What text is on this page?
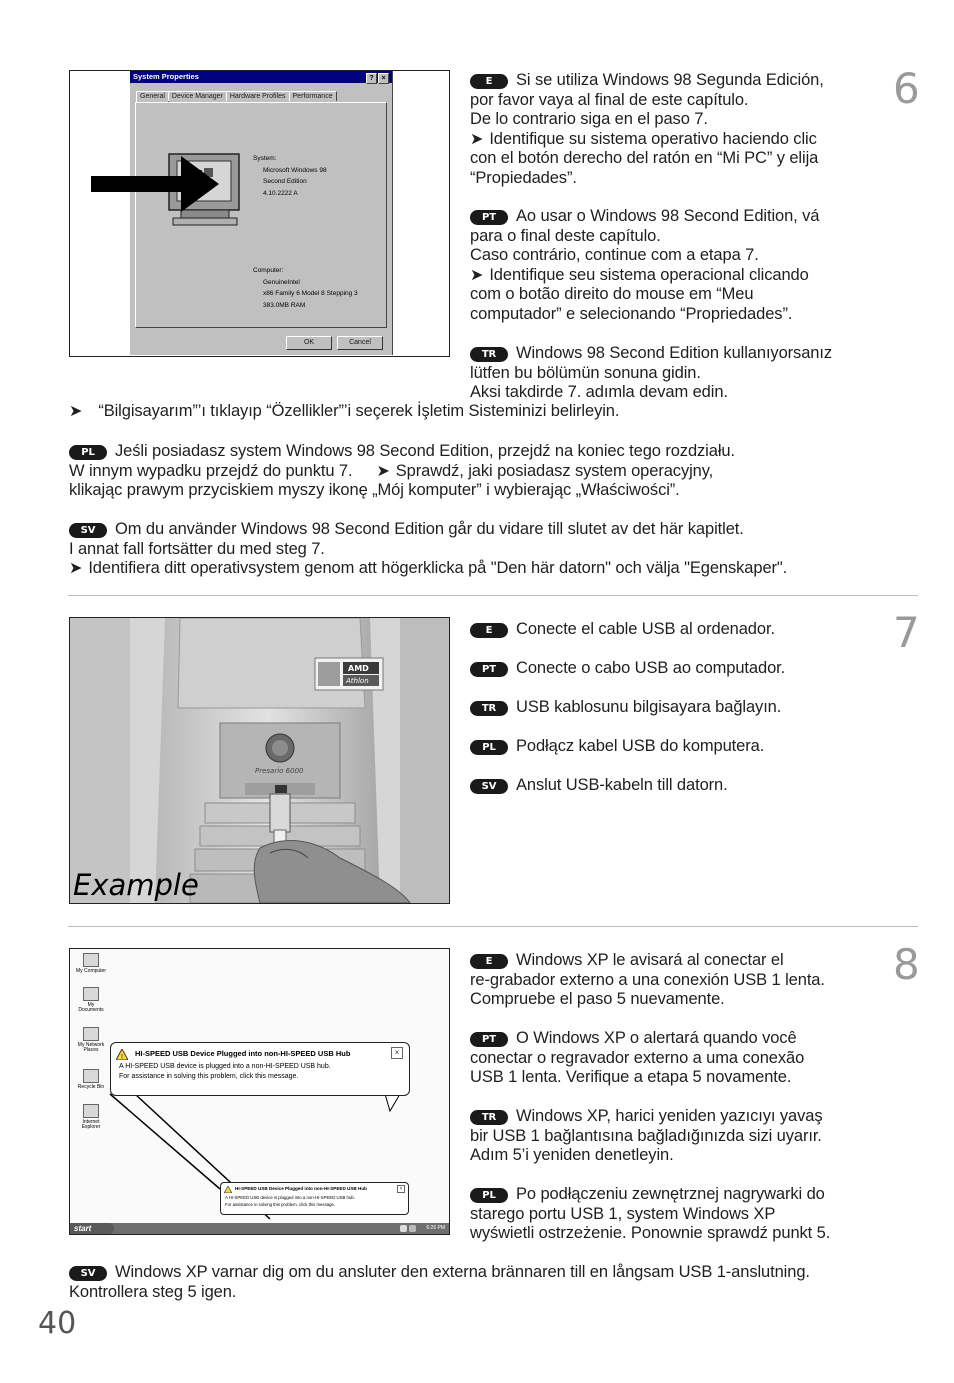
6
System Properties	? ×
General Device Manager Hardware Profiles Performance
System:
Microsoft Windows 98
Second Edition
4.10.2222 A
Computer:
GenuineIntel
x86 Family 6 Model 8 Stepping 3
383.0MB RAM
OK	Cancel
E Si se utiliza Windows 98 Segunda Edición,
por favor vaya al final de este capítulo.
De lo contrario siga en el paso 7.
➤ Identifique su sistema operativo haciendo clic
con el botón derecho del ratón en “Mi PC” y elija
“Propiedades”.
PT Ao usar o Windows 98 Second Edition, vá
para o final deste capítulo.
Caso contrário, continue com a etapa 7.
➤ Identifique seu sistema operacional clicando
com o botão direito do mouse em “Meu
computador” e selecionando “Propriedades”.
TR Windows 98 Second Edition kullanıyorsanız
lütfen bu bölümün sonuna gidin.
Aksi takdirde 7. adımla devam edin.
➤ “Bilgisayarım”’ı tıklayıp “Özellikler”’i seçerek İşletim Sisteminizi belirleyin.
PL Jeśli posiadasz system Windows 98 Second Edition, przejdź na koniec tego rozdziału.
W innym wypadku przejdź do punktu 7. ➤ Sprawdź, jaki posiadasz system operacyjny,
klikając prawym przyciskiem myszy ikonę „Mój komputer” i wybierając „Właściwości”.
SV Om du använder Windows 98 Second Edition går du vidare till slutet av det här kapitlet.
I annat fall fortsätter du med steg 7.
➤ Identifiera ditt operativsystem genom att högerklicka på "Den här datorn" och välja "Egenskaper".
7
AMD
Athlon
Presario 6000
Example
E Conecte el cable USB al ordenador.
PT Conecte o cabo USB ao computador.
TR USB kablosunu bilgisayara bağlayın.
PL Podłącz kabel USB do komputera.
SV Anslut USB-kabeln till datorn.
8
My Computer
My Documents
My Network Places
Recycle Bin
Internet Explorer
! HI-SPEED USB Device Plugged into non-HI-SPEED USB Hub	×
A HI-SPEED USB device is plugged into a non-HI-SPEED USB hub.
For assistance in solving this problem, click this message.
HI-SPEED USB Device Plugged into non-HI-SPEED USB Hub	×
A HI-SPEED USB device is plugged into a non-HI-SPEED USB hub.
For assistance in solving this problem, click this message.
start	6:26 PM
E Windows XP le avisará al conectar el
re-grabador externo a una conexión USB 1 lenta.
Compruebe el paso 5 nuevamente.
PT O Windows XP o alertará quando você
conectar o regravador externo a uma conexão
USB 1 lenta. Verifique a etapa 5 novamente.
TR Windows XP, harici yeniden yazıcıyı yavaş
bir USB 1 bağlantısına bağladığınızda sizi uyarır.
Adım 5’i yeniden denetleyin.
PL Po podłączeniu zewnętrznej nagrywarki do
starego portu USB 1, system Windows XP
wyświetli ostrzeżenie. Ponownie sprawdź punkt 5.
SV Windows XP varnar dig om du ansluter den externa brännaren till en långsam USB 1-anslutning.
Kontrollera steg 5 igen.
40
